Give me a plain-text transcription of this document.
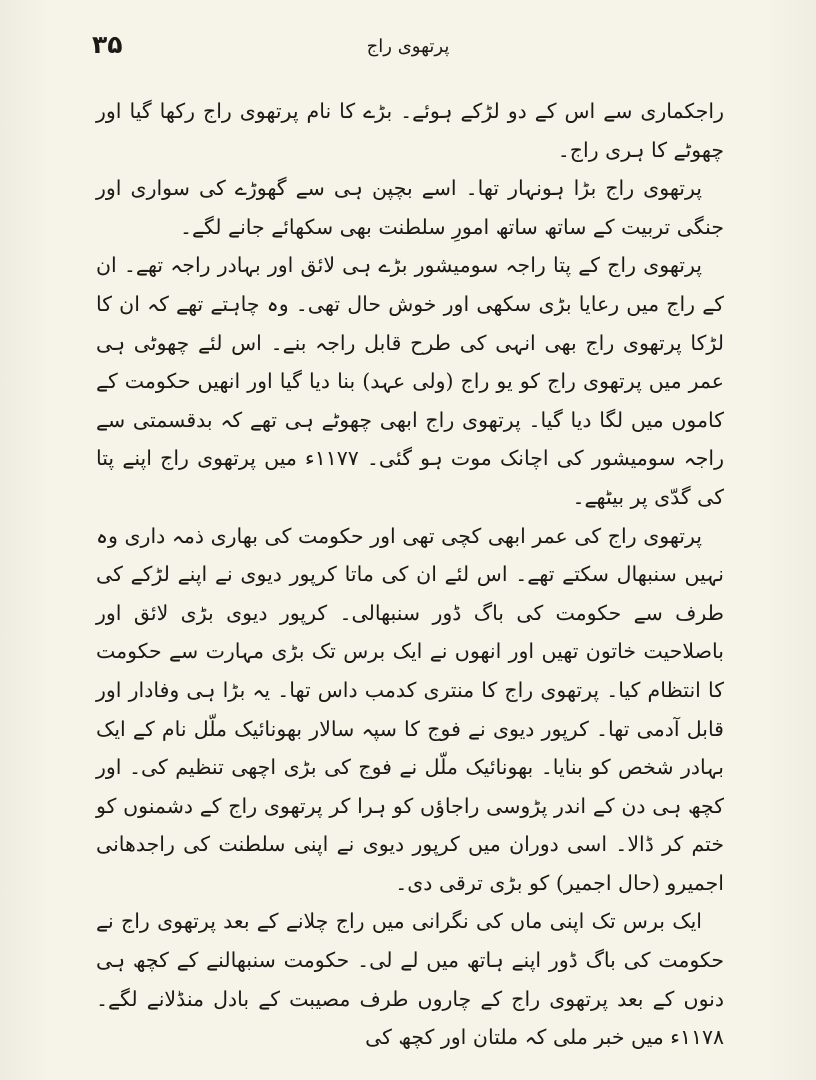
۳۵	پرتھوی راج

راجکماری سے اس کے دو لڑکے ہوئے۔ بڑے کا نام پرتھوی راج رکھا گیا اور چھوٹے کا ہری راج۔

پرتھوی راج بڑا ہونہار تھا۔ اسے بچپن ہی سے گھوڑے کی سواری اور جنگی تربیت کے ساتھ ساتھ امورِ سلطنت بھی سکھائے جانے لگے۔

پرتھوی راج کے پتا راجہ سومیشور بڑے ہی لائق اور بہادر راجہ تھے۔ ان کے راج میں رعایا بڑی سکھی اور خوش حال تھی۔ وہ چاہتے تھے کہ ان کا لڑکا پرتھوی راج بھی انہی کی طرح قابل راجہ بنے۔ اس لئے چھوٹی ہی عمر میں پرتھوی راج کو یو راج (ولی عہد) بنا دیا گیا اور انھیں حکومت کے کاموں میں لگا دیا گیا۔ پرتھوی راج ابھی چھوٹے ہی تھے کہ بدقسمتی سے راجہ سومیشور کی اچانک موت ہو گئی۔ ۱۱۷۷ء میں پرتھوی راج اپنے پتا کی گدّی پر بیٹھے۔

پرتھوی راج کی عمر ابھی کچی تھی اور حکومت کی بھاری ذمہ داری وہ نہیں سنبھال سکتے تھے۔ اس لئے ان کی ماتا کرپور دیوی نے اپنے لڑکے کی طرف سے حکومت کی باگ ڈور سنبھالی۔ کرپور دیوی بڑی لائق اور باصلاحیت خاتون تھیں اور انھوں نے ایک برس تک بڑی مہارت سے حکومت کا انتظام کیا۔ پرتھوی راج کا منتری کدمب داس تھا۔ یہ بڑا ہی وفادار اور قابل آدمی تھا۔ کرپور دیوی نے فوج کا سپہ سالار بھونائیک ملّل نام کے ایک بہادر شخص کو بنایا۔ بھونائیک ملّل نے فوج کی بڑی اچھی تنظیم کی۔ اور کچھ ہی دن کے اندر پڑوسی راجاؤں کو ہرا کر پرتھوی راج کے دشمنوں کو ختم کر ڈالا۔ اسی دوران میں کرپور دیوی نے اپنی سلطنت کی راجدھانی اجمیرو (حال اجمیر) کو بڑی ترقی دی۔

ایک برس تک اپنی ماں کی نگرانی میں راج چلانے کے بعد پرتھوی راج نے حکومت کی باگ ڈور اپنے ہاتھ میں لے لی۔ حکومت سنبھالنے کے کچھ ہی دنوں کے بعد پرتھوی راج کے چاروں طرف مصیبت کے بادل منڈلانے لگے۔ ۱۱۷۸ء میں خبر ملی کہ ملتان اور کچھ کی
